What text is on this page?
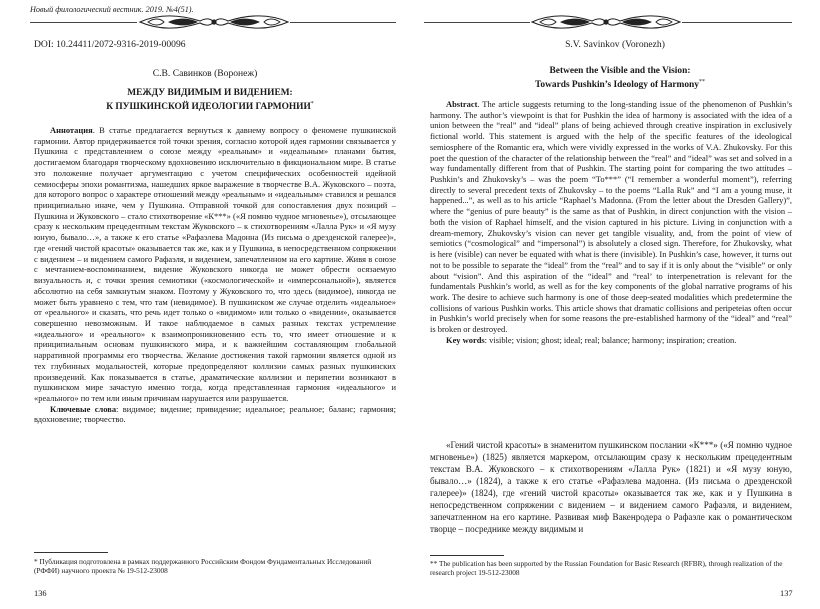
Новый филологический вестник. 2019. №4(51).
DOI: 10.24411/2072-9316-2019-00096
С.В. Савинков (Воронеж)
МЕЖДУ ВИДИМЫМ И ВИДЕНИЕМ:
К ПУШКИНСКОЙ ИДЕОЛОГИИ ГАРМОНИИ*

Аннотация. В статье предлагается вернуться к давнему вопросу о феномене пушкинской гармонии. Автор придерживается той точки зрения, согласно которой идея гармонии связывается у Пушкина с представлением о союзе между «реальным» и «идеальным» планами бытия, достигаемом благодаря творческому вдохновению исключительно в фикциональном мире. В статье это положение получает аргументацию с учетом специфических особенностей идейной семиосферы эпохи романтизма, нашедших яркое выражение в творчестве В.А. Жуковского – поэта, для которого вопрос о характере отношений между «реальным» и «идеальным» ставился и решался принципиально иначе, чем у Пушкина. Отправной точкой для сопоставления двух позиций – Пушкина и Жуковского – стало стихотворение «К***» («Я помню чудное мгновенье»), отсылающее сразу к нескольким прецедентным текстам Жуковского – к стихотворениям «Лалла Рук» и «Я музу юную, бывало…», а также к его статье «Рафаэлева Мадонна (Из письма о дрезденской галерее)», где «гений чистой красоты» оказывается так же, как и у Пушкина, в непосредственном сопряжении с видением – и видением самого Рафаэля, и видением, запечатленном на его картине. Живя в союзе с мечтанием-воспоминанием, видение Жуковского никогда не может обрести осязаемую визуальность и, с точки зрения семиотики («космологической» и «имперсональной»), является абсолютно на себя замкнутым знаком. Поэтому у Жуковского то, что здесь (видимое), никогда не может быть уравнено с тем, что там (невидимое). В пушкинском же случае отделить «идеальное» от «реального» и сказать, что речь идет только о «видимом» или только о «видении», оказывается совершенно невозможным. И такое наблюдаемое в самых разных текстах устремление «идеального» и «реального» к взаимопроникновению есть то, что имеет отношение и к принципиальным основам пушкинского мира, и к важнейшим составляющим глобальной нарративной программы его творчества. Желание достижения такой гармонии является одной из тех глубинных модальностей, которые предопределяют коллизии самых разных пушкинских произведений. Как показывается в статье, драматические коллизии и перипетии возникают в пушкинском мире зачастую именно тогда, когда представленная гармония «идеального» и «реального» по тем или иным причинам нарушается или разрушается.

Ключевые слова: видимое; видение; привидение; идеальное; реальное; баланс; гармония; вдохновение; творчество.

* Публикация подготовлена в рамках поддержанного Российским Фондом Фундаментальных Исследований (РФФИ) научного проекта № 19-512-23008
136
S.V. Savinkov (Voronezh)
Between the Visible and the Vision:
Towards Pushkin’s Ideology of Harmony**

Abstract. The article suggests returning to the long-standing issue of the phenomenon of Pushkin’s harmony. The author’s viewpoint is that for Pushkin the idea of harmony is associated with the idea of a union between the “real” and “ideal” plans of being achieved through creative inspiration in exclusively fictional world. This statement is argued with the help of the specific features of the ideological semiosphere of the Romantic era, which were vividly expressed in the works of V.A. Zhukovsky. For this poet the question of the character of the relationship between the “real” and “ideal” was set and solved in a way fundamentally different from that of Pushkin. The starting point for comparing the two attitudes – Pushkin’s and Zhukovsky’s – was the poem “To***” (“I remember a wonderful moment”), referring directly to several precedent texts of Zhukovsky – to the poems “Lalla Ruk” and “I am a young muse, it happened...”, as well as to his article “Raphael’s Madonna. (From the letter about the Dresden Gallery)”, where the “genius of pure beauty” is the same as that of Pushkin, in direct conjunction with the vision – both the vision of Raphael himself, and the vision captured in his picture. Living in conjunction with a dream-memory, Zhukovsky’s vision can never get tangible visuality, and, from the point of view of semiotics (“cosmological” and “impersonal”) is absolutely a closed sign. Therefore, for Zhukovsky, what is here (visible) can never be equated with what is there (invisible). In Pushkin’s case, however, it turns out not to be possible to separate the “ideal” from the “real” and to say if it is only about the “visible” or only about “vision”. And this aspiration of the “ideal” and “real’ to interpenetration is relevant for the fundamentals Pushkin’s world, as well as for the key components of the global narrative programs of his work. The desire to achieve such harmony is one of those deep-seated modalities which predetermine the collisions of various Pushkin works. This article shows that dramatic collisions and peripeteias often occur in Pushkin’s world precisely when for some reasons the pre-established harmony of the “ideal” and “real” is broken or destroyed.

Key words: visible; vision; ghost; ideal; real; balance; harmony; inspiration; creation.

«Гений чистой красоты» в знаменитом пушкинском послании «К***» («Я помню чудное мгновенье») (1825) является маркером, отсылающим сразу к нескольким прецедентным текстам В.А. Жуковского – к стихотворениям «Лалла Рук» (1821) и «Я музу юную, бывало…» (1824), а также к его статье «Рафаэлева мадонна. (Из письма о дрезденской галерее)» (1824), где «гений чистой красоты» оказывается так же, как и у Пушкина в непосредственном сопряжении с видением – и видением самого Рафаэля, и видением, запечатленном на его картине. Развивая миф Вакенродера о Рафаэле как о романтическом творце – посреднике между видимым и

** The publication has been supported by the Russian Foundation for Basic Research (RFBR), through realization of the research project 19-512-23008
137
